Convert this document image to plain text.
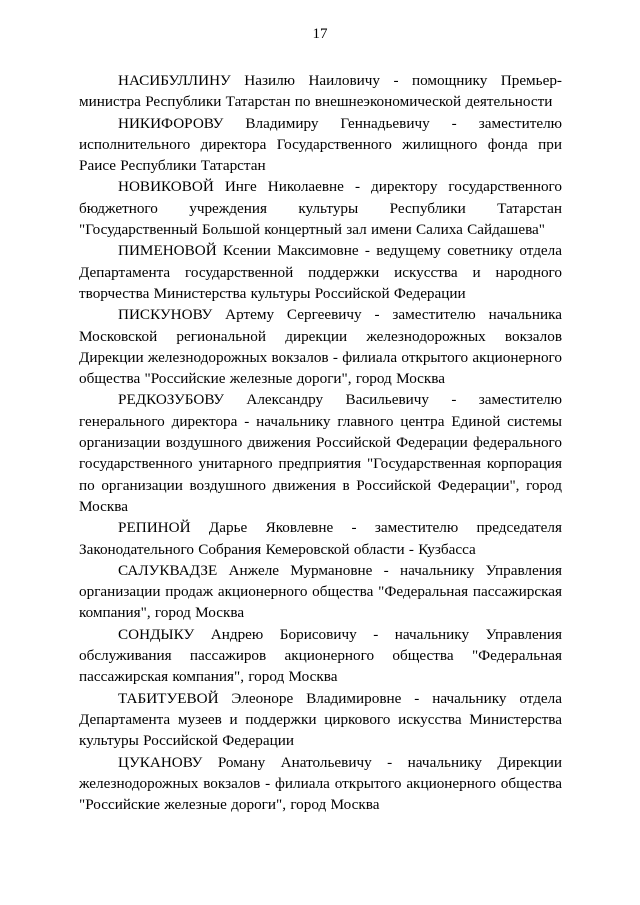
17

НАСИБУЛЛИНУ Назилю Наиловичу - помощнику Премьер-министра Республики Татарстан по внешнеэкономической деятельности

НИКИФОРОВУ Владимиру Геннадьевичу - заместителю исполнительного директора Государственного жилищного фонда при Раисе Республики Татарстан

НОВИКОВОЙ Инге Николаевне - директору государственного бюджетного учреждения культуры Республики Татарстан "Государственный Большой концертный зал имени Салиха Сайдашева"

ПИМЕНОВОЙ Ксении Максимовне - ведущему советнику отдела Департамента государственной поддержки искусства и народного творчества Министерства культуры Российской Федерации

ПИСКУНОВУ Артему Сергеевичу - заместителю начальника Московской региональной дирекции железнодорожных вокзалов Дирекции железнодорожных вокзалов - филиала открытого акционерного общества "Российские железные дороги", город Москва

РЕДКОЗУБОВУ Александру Васильевичу - заместителю генерального директора - начальнику главного центра Единой системы организации воздушного движения Российской Федерации федерального государственного унитарного предприятия "Государственная корпорация по организации воздушного движения в Российской Федерации", город Москва

РЕПИНОЙ Дарье Яковлевне - заместителю председателя Законодательного Собрания Кемеровской области - Кузбасса

САЛУКВАДЗЕ Анжеле Мурмановне - начальнику Управления организации продаж акционерного общества "Федеральная пассажирская компания", город Москва

СОНДЫКУ Андрею Борисовичу - начальнику Управления обслуживания пассажиров акционерного общества "Федеральная пассажирская компания", город Москва

ТАБИТУЕВОЙ Элеоноре Владимировне - начальнику отдела Департамента музеев и поддержки циркового искусства Министерства культуры Российской Федерации

ЦУКАНОВУ Роману Анатольевичу - начальнику Дирекции железнодорожных вокзалов - филиала открытого акционерного общества "Российские железные дороги", город Москва
